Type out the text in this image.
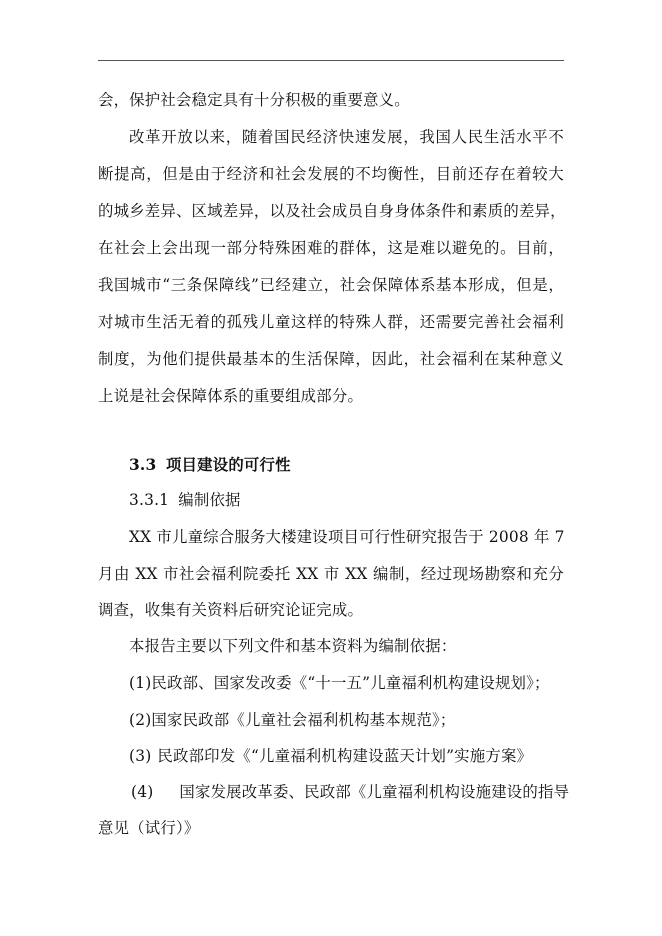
会，保护社会稳定具有十分积极的重要意义。
改革开放以来，随着国民经济快速发展，我国人民生活水平不
断提高，但是由于经济和社会发展的不均衡性，目前还存在着较大
的城乡差异、区域差异，以及社会成员自身身体条件和素质的差异，
在社会上会出现一部分特殊困难的群体，这是难以避免的。目前，
我国城市“三条保障线”已经建立，社会保障体系基本形成，但是，
对城市生活无着的孤残儿童这样的特殊人群，还需要完善社会福利
制度，为他们提供最基本的生活保障，因此，社会福利在某种意义
上说是社会保障体系的重要组成部分。
3.3 项目建设的可行性
3.3.1 编制依据
XX 市儿童综合服务大楼建设项目可行性研究报告于 2008 年 7
月由 XX 市社会福利院委托 XX 市 XX 编制，经过现场勘察和充分
调查，收集有关资料后研究论证完成。
本报告主要以下列文件和基本资料为编制依据：
(1)民政部、国家发改委《“十一五”儿童福利机构建设规划》；
(2)国家民政部《儿童社会福利机构基本规范》；
(3) 民政部印发《“儿童福利机构建设蓝天计划”实施方案》
(4) 国家发展改革委、民政部《儿童福利机构设施建设的指导
意见（试行）》
